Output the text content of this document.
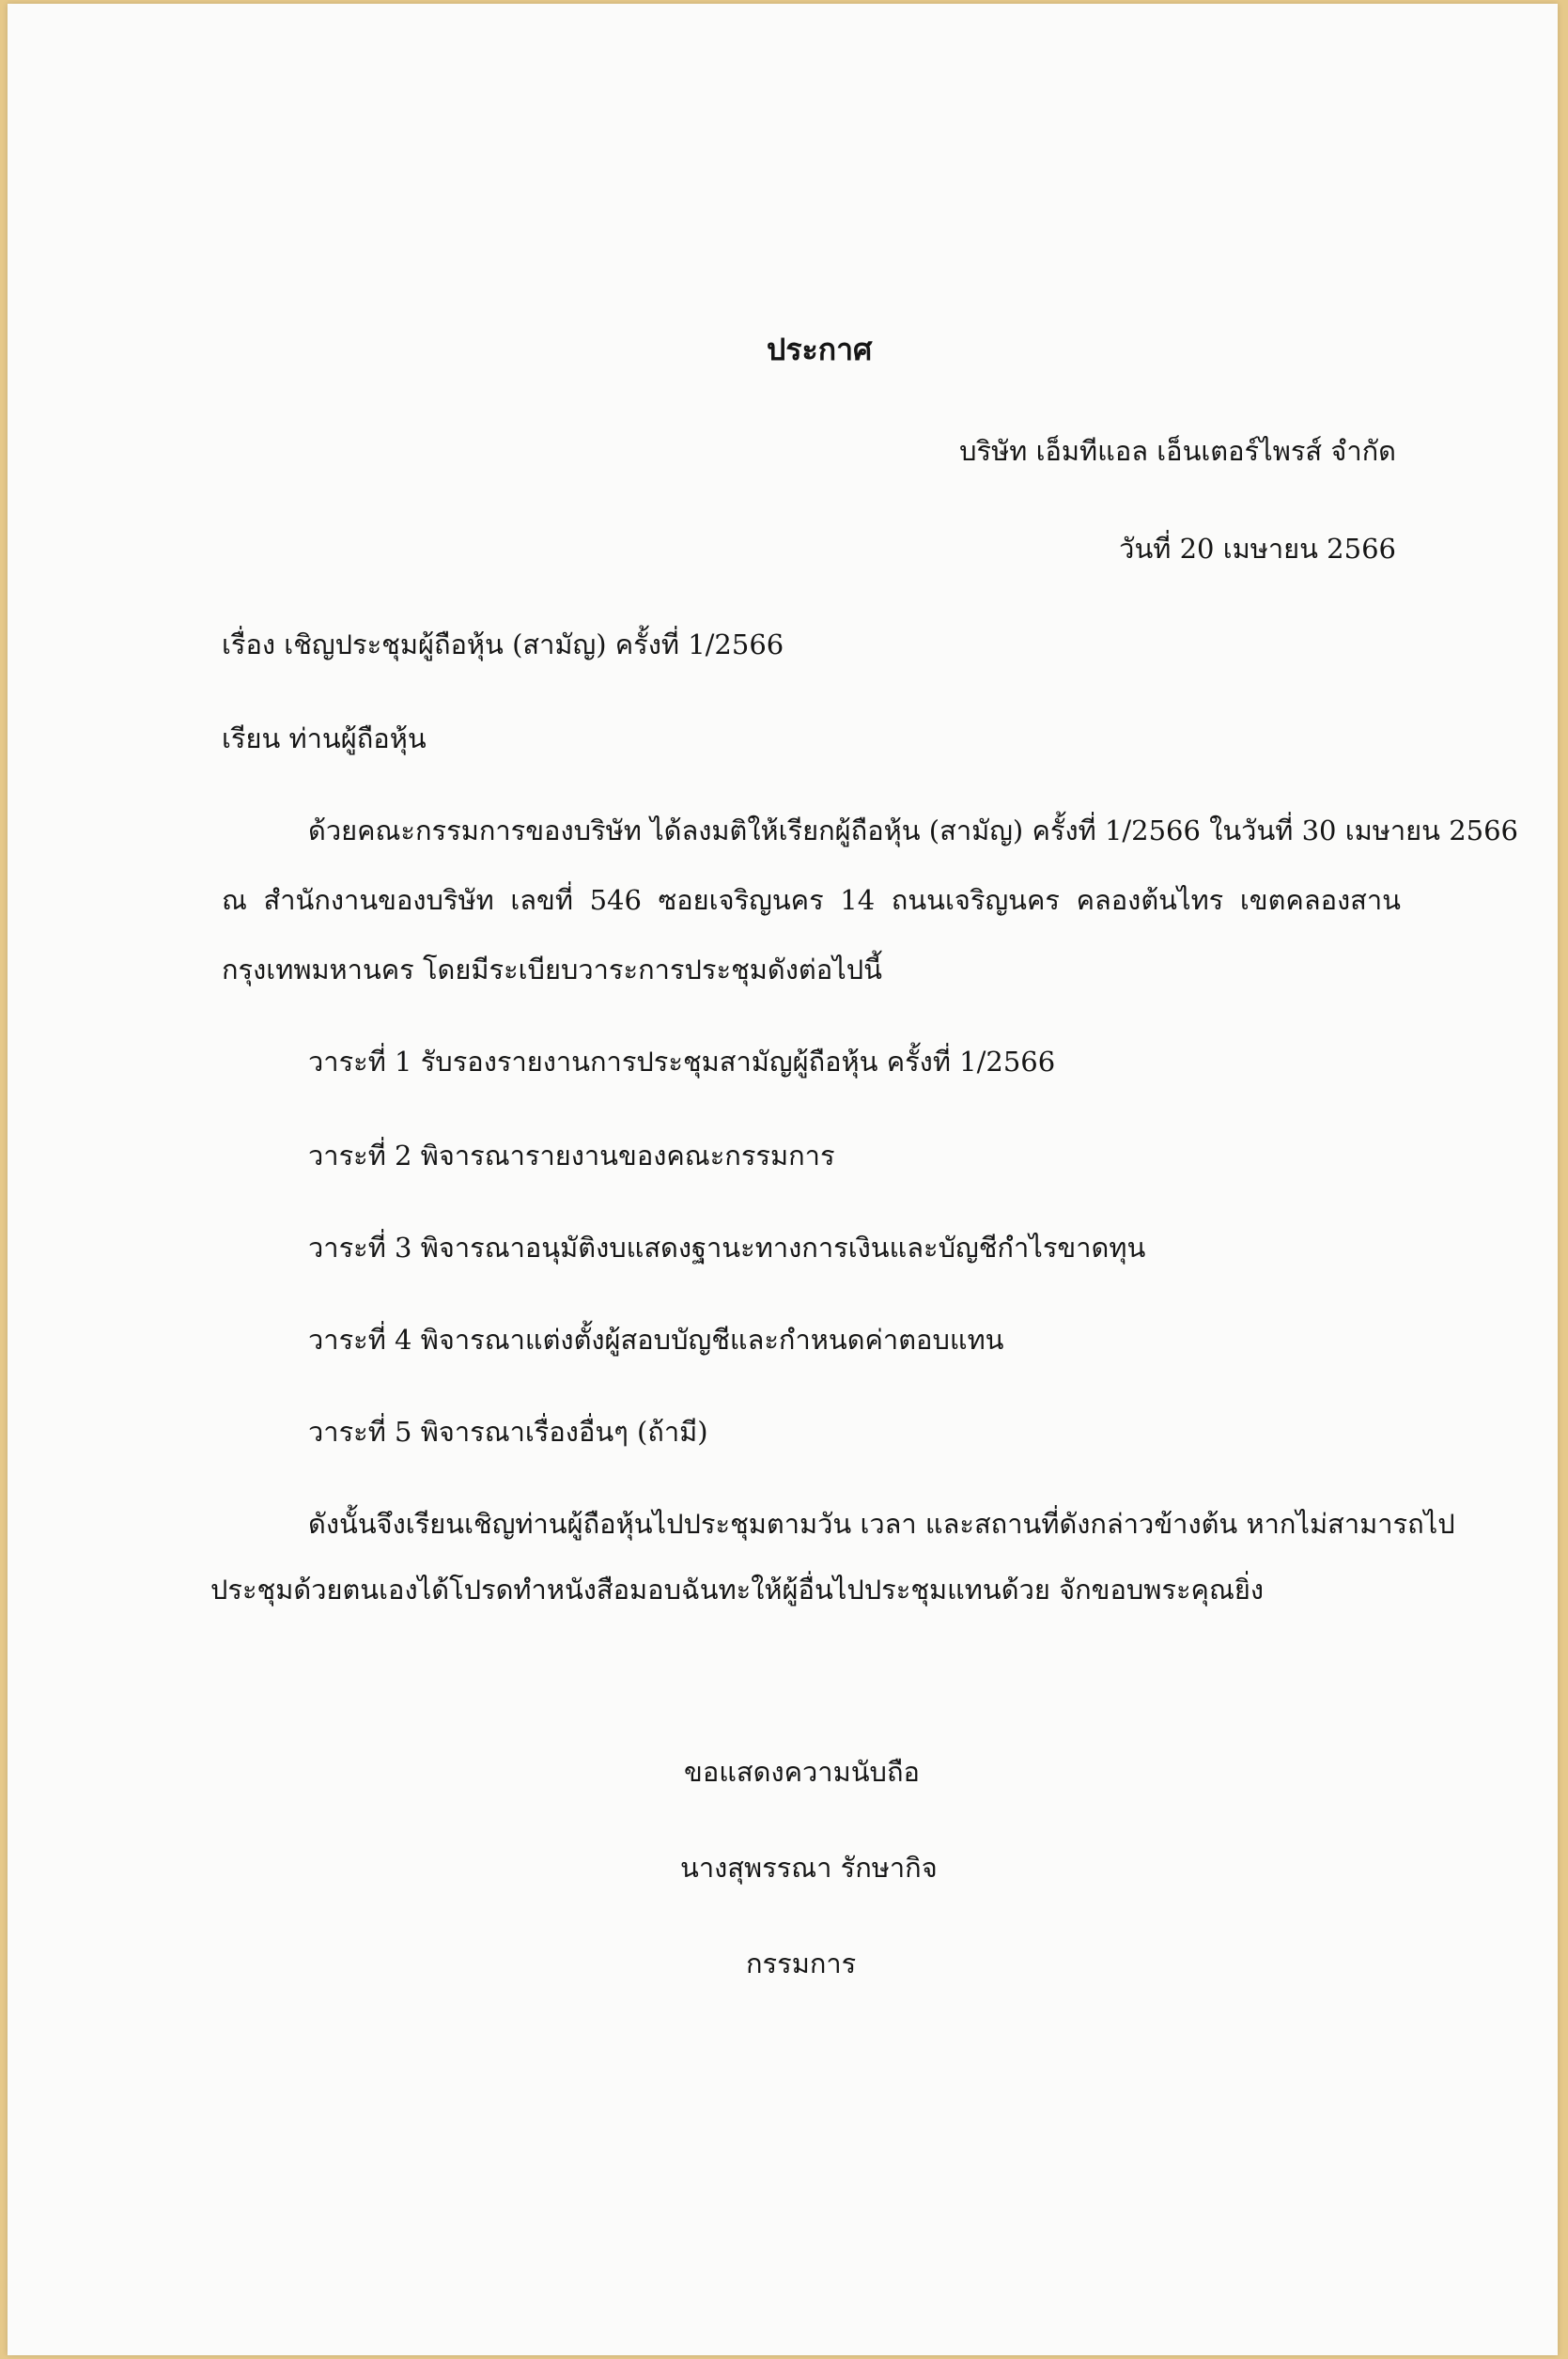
ประกาศ
บริษัท เอ็มทีแอล เอ็นเตอร์ไพรส์ จำกัด
วันที่ 20 เมษายน 2566
เรื่อง เชิญประชุมผู้ถือหุ้น (สามัญ) ครั้งที่ 1/2566
เรียน ท่านผู้ถือหุ้น
ด้วยคณะกรรมการของบริษัท ได้ลงมติให้เรียกผู้ถือหุ้น (สามัญ) ครั้งที่ 1/2566 ในวันที่ 30 เมษายน 2566
ณ สำนักงานของบริษัท เลขที่ 546 ซอยเจริญนคร 14 ถนนเจริญนคร คลองต้นไทร เขตคลองสาน
กรุงเทพมหานคร โดยมีระเบียบวาระการประชุมดังต่อไปนี้
วาระที่ 1 รับรองรายงานการประชุมสามัญผู้ถือหุ้น ครั้งที่ 1/2566
วาระที่ 2 พิจารณารายงานของคณะกรรมการ
วาระที่ 3 พิจารณาอนุมัติงบแสดงฐานะทางการเงินและบัญชีกำไรขาดทุน
วาระที่ 4 พิจารณาแต่งตั้งผู้สอบบัญชีและกำหนดค่าตอบแทน
วาระที่ 5 พิจารณาเรื่องอื่นๆ (ถ้ามี)
ดังนั้นจึงเรียนเชิญท่านผู้ถือหุ้นไปประชุมตามวัน เวลา และสถานที่ดังกล่าวข้างต้น หากไม่สามารถไป
ประชุมด้วยตนเองได้โปรดทำหนังสือมอบฉันทะให้ผู้อื่นไปประชุมแทนด้วย จักขอบพระคุณยิ่ง
ขอแสดงความนับถือ
นางสุพรรณา รักษากิจ
กรรมการ
